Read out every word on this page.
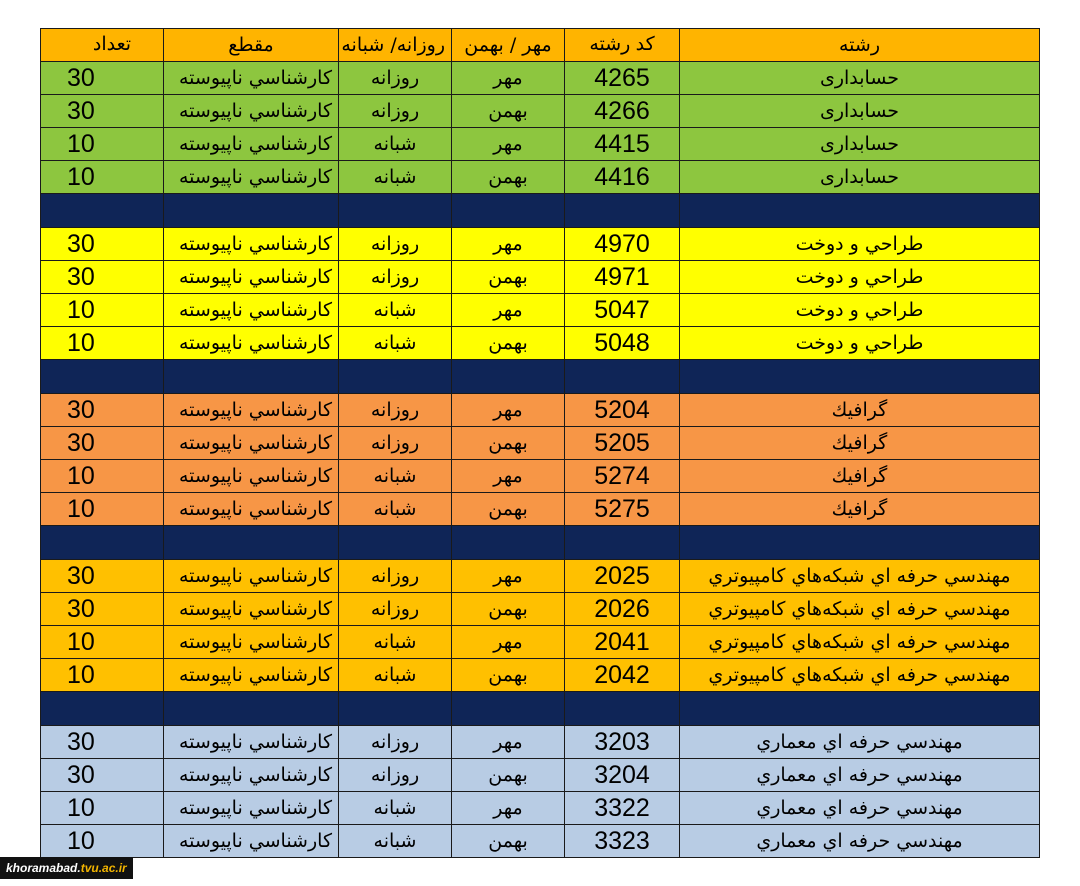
تعداد	مقطع	روزانه/ شبانه	مهر / بهمن	کد رشته	رشته
30	كارشناسي ناپيوسته	روزانه	مهر	4265	حسابداری
30	كارشناسي ناپيوسته	روزانه	بهمن	4266	حسابداری
10	كارشناسي ناپيوسته	شبانه	مهر	4415	حسابداری
10	كارشناسي ناپيوسته	شبانه	بهمن	4416	حسابداری

30	كارشناسي ناپيوسته	روزانه	مهر	4970	طراحي و دوخت
30	كارشناسي ناپيوسته	روزانه	بهمن	4971	طراحي و دوخت
10	كارشناسي ناپيوسته	شبانه	مهر	5047	طراحي و دوخت
10	كارشناسي ناپيوسته	شبانه	بهمن	5048	طراحي و دوخت

30	كارشناسي ناپيوسته	روزانه	مهر	5204	گرافيك
30	كارشناسي ناپيوسته	روزانه	بهمن	5205	گرافيك
10	كارشناسي ناپيوسته	شبانه	مهر	5274	گرافيك
10	كارشناسي ناپيوسته	شبانه	بهمن	5275	گرافيك

30	كارشناسي ناپيوسته	روزانه	مهر	2025	مهندسي حرفه اي شبكه‌هاي كامپيوتري
30	كارشناسي ناپيوسته	روزانه	بهمن	2026	مهندسي حرفه اي شبكه‌هاي كامپيوتري
10	كارشناسي ناپيوسته	شبانه	مهر	2041	مهندسي حرفه اي شبكه‌هاي كامپيوتري
10	كارشناسي ناپيوسته	شبانه	بهمن	2042	مهندسي حرفه اي شبكه‌هاي كامپيوتري

30	كارشناسي ناپيوسته	روزانه	مهر	3203	مهندسي حرفه اي معماري
30	كارشناسي ناپيوسته	روزانه	بهمن	3204	مهندسي حرفه اي معماري
10	كارشناسي ناپيوسته	شبانه	مهر	3322	مهندسي حرفه اي معماري
10	كارشناسي ناپيوسته	شبانه	بهمن	3323	مهندسي حرفه اي معماري
khoramabad.tvu.ac.ir
